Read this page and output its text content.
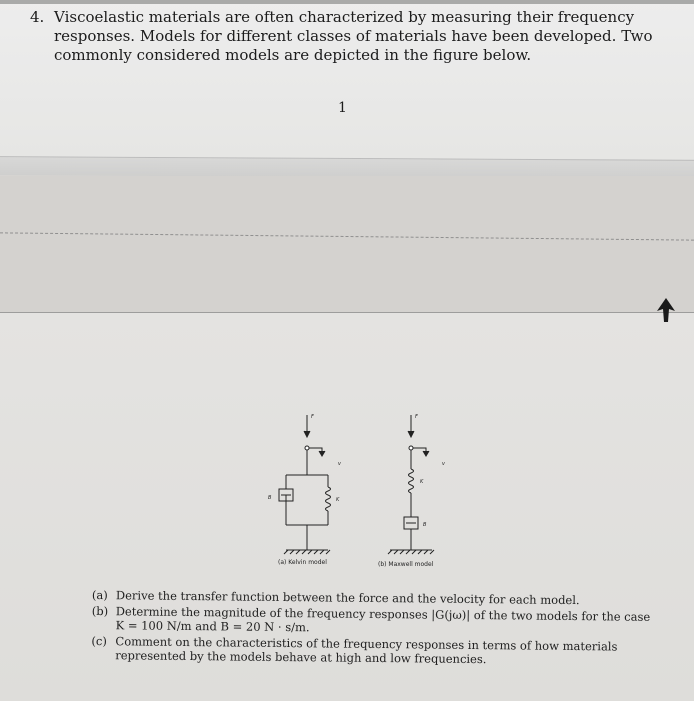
4. Viscoelastic materials are often characterized by measuring their frequency responses. Models for different classes of materials have been developed. Two commonly considered models are depicted in the figure below.
1
F
v
B	K
F
v
K
B
(a) Kelvin model	(b) Maxwell model
(a) Derive the transfer function between the force and the velocity for each model.
(b) Determine the magnitude of the frequency responses |G(jω)| of the two models for the case K = 100 N/m and B = 20 N · s/m.
(c) Comment on the characteristics of the frequency responses in terms of how materials represented by the models behave at high and low frequencies.
